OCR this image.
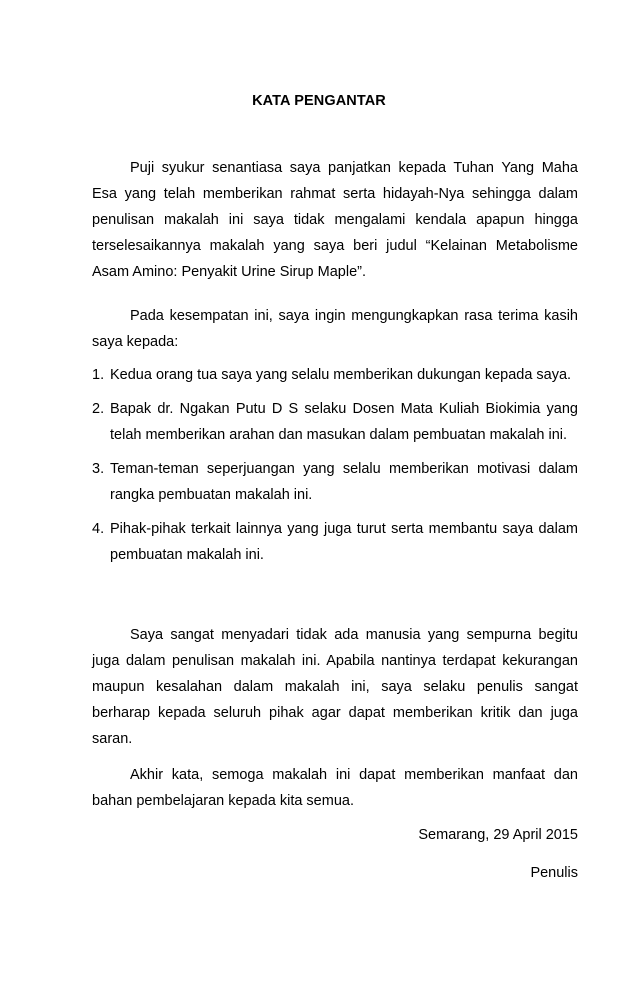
KATA PENGANTAR

Puji syukur senantiasa saya panjatkan kepada Tuhan Yang Maha Esa yang telah memberikan rahmat serta hidayah-Nya sehingga dalam penulisan makalah ini saya tidak mengalami kendala apapun hingga terselesaikannya makalah yang saya beri judul “Kelainan Metabolisme Asam Amino: Penyakit Urine Sirup Maple”.

Pada kesempatan ini, saya ingin mengungkapkan rasa terima kasih saya kepada:

1. Kedua orang tua saya yang selalu memberikan dukungan kepada saya.
2. Bapak dr. Ngakan Putu D S selaku Dosen Mata Kuliah Biokimia yang telah memberikan arahan dan masukan dalam pembuatan makalah ini.
3. Teman-teman seperjuangan yang selalu memberikan motivasi dalam rangka pembuatan makalah ini.
4. Pihak-pihak terkait lainnya yang juga turut serta membantu saya dalam pembuatan makalah ini.

Saya sangat menyadari tidak ada manusia yang sempurna begitu juga dalam penulisan makalah ini. Apabila nantinya terdapat kekurangan maupun kesalahan dalam makalah ini, saya selaku penulis sangat berharap kepada seluruh pihak agar dapat memberikan kritik dan juga saran.

Akhir kata, semoga makalah ini dapat memberikan manfaat dan bahan pembelajaran kepada kita semua.

Semarang, 29 April 2015

Penulis
